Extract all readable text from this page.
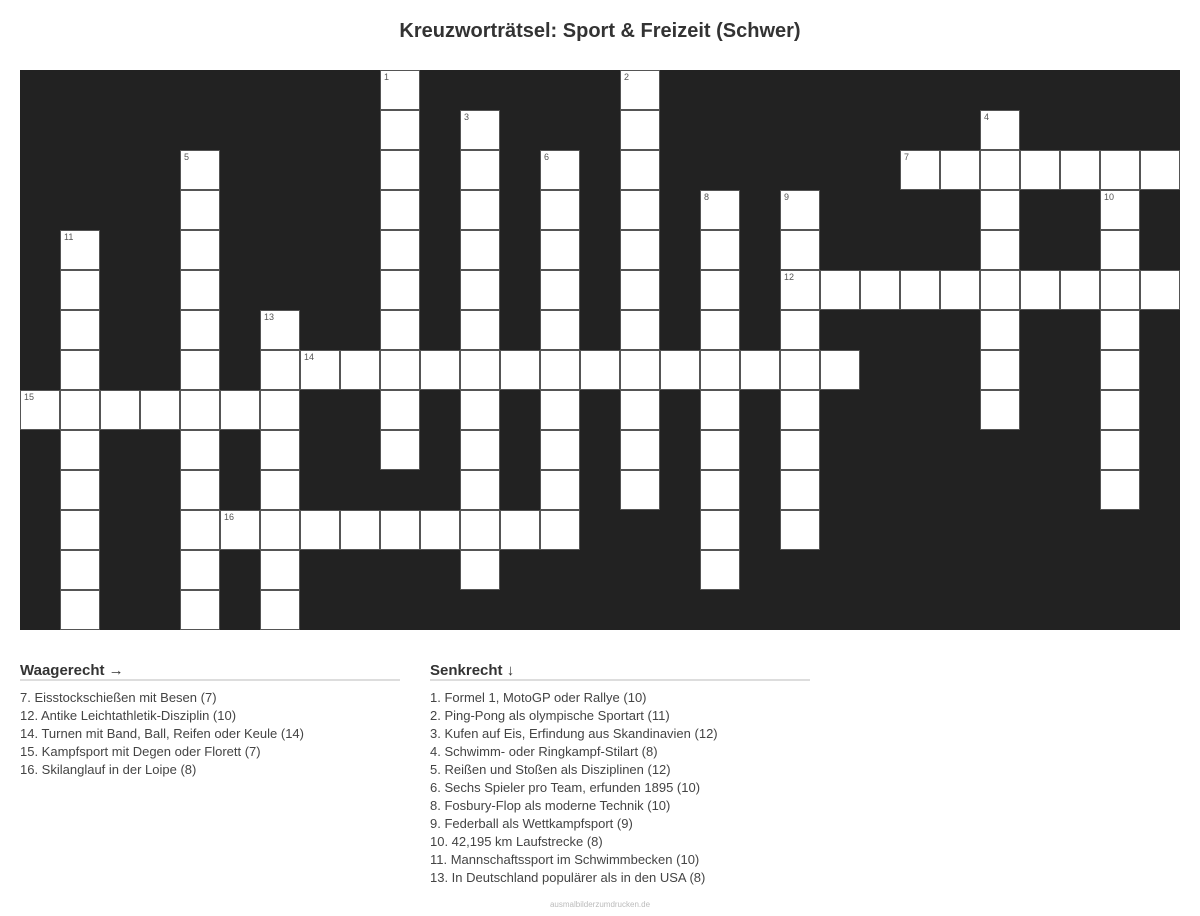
Kreuzworträtsel: Sport & Freizeit (Schwer)
1	2
3	4
5	6	7
8	9	10
11
12
13
14
15
16
Waagerecht →
7. Eisstockschießen mit Besen (7)
12. Antike Leichtathletik-Disziplin (10)
14. Turnen mit Band, Ball, Reifen oder Keule (14)
15. Kampfsport mit Degen oder Florett (7)
16. Skilanglauf in der Loipe (8)
Senkrecht ↓
1. Formel 1, MotoGP oder Rallye (10)
2. Ping-Pong als olympische Sportart (11)
3. Kufen auf Eis, Erfindung aus Skandinavien (12)
4. Schwimm- oder Ringkampf-Stilart (8)
5. Reißen und Stoßen als Disziplinen (12)
6. Sechs Spieler pro Team, erfunden 1895 (10)
8. Fosbury-Flop als moderne Technik (10)
9. Federball als Wettkampfsport (9)
10. 42,195 km Laufstrecke (8)
11. Mannschaftssport im Schwimmbecken (10)
13. In Deutschland populärer als in den USA (8)
ausmalbilderzumdrucken.de
